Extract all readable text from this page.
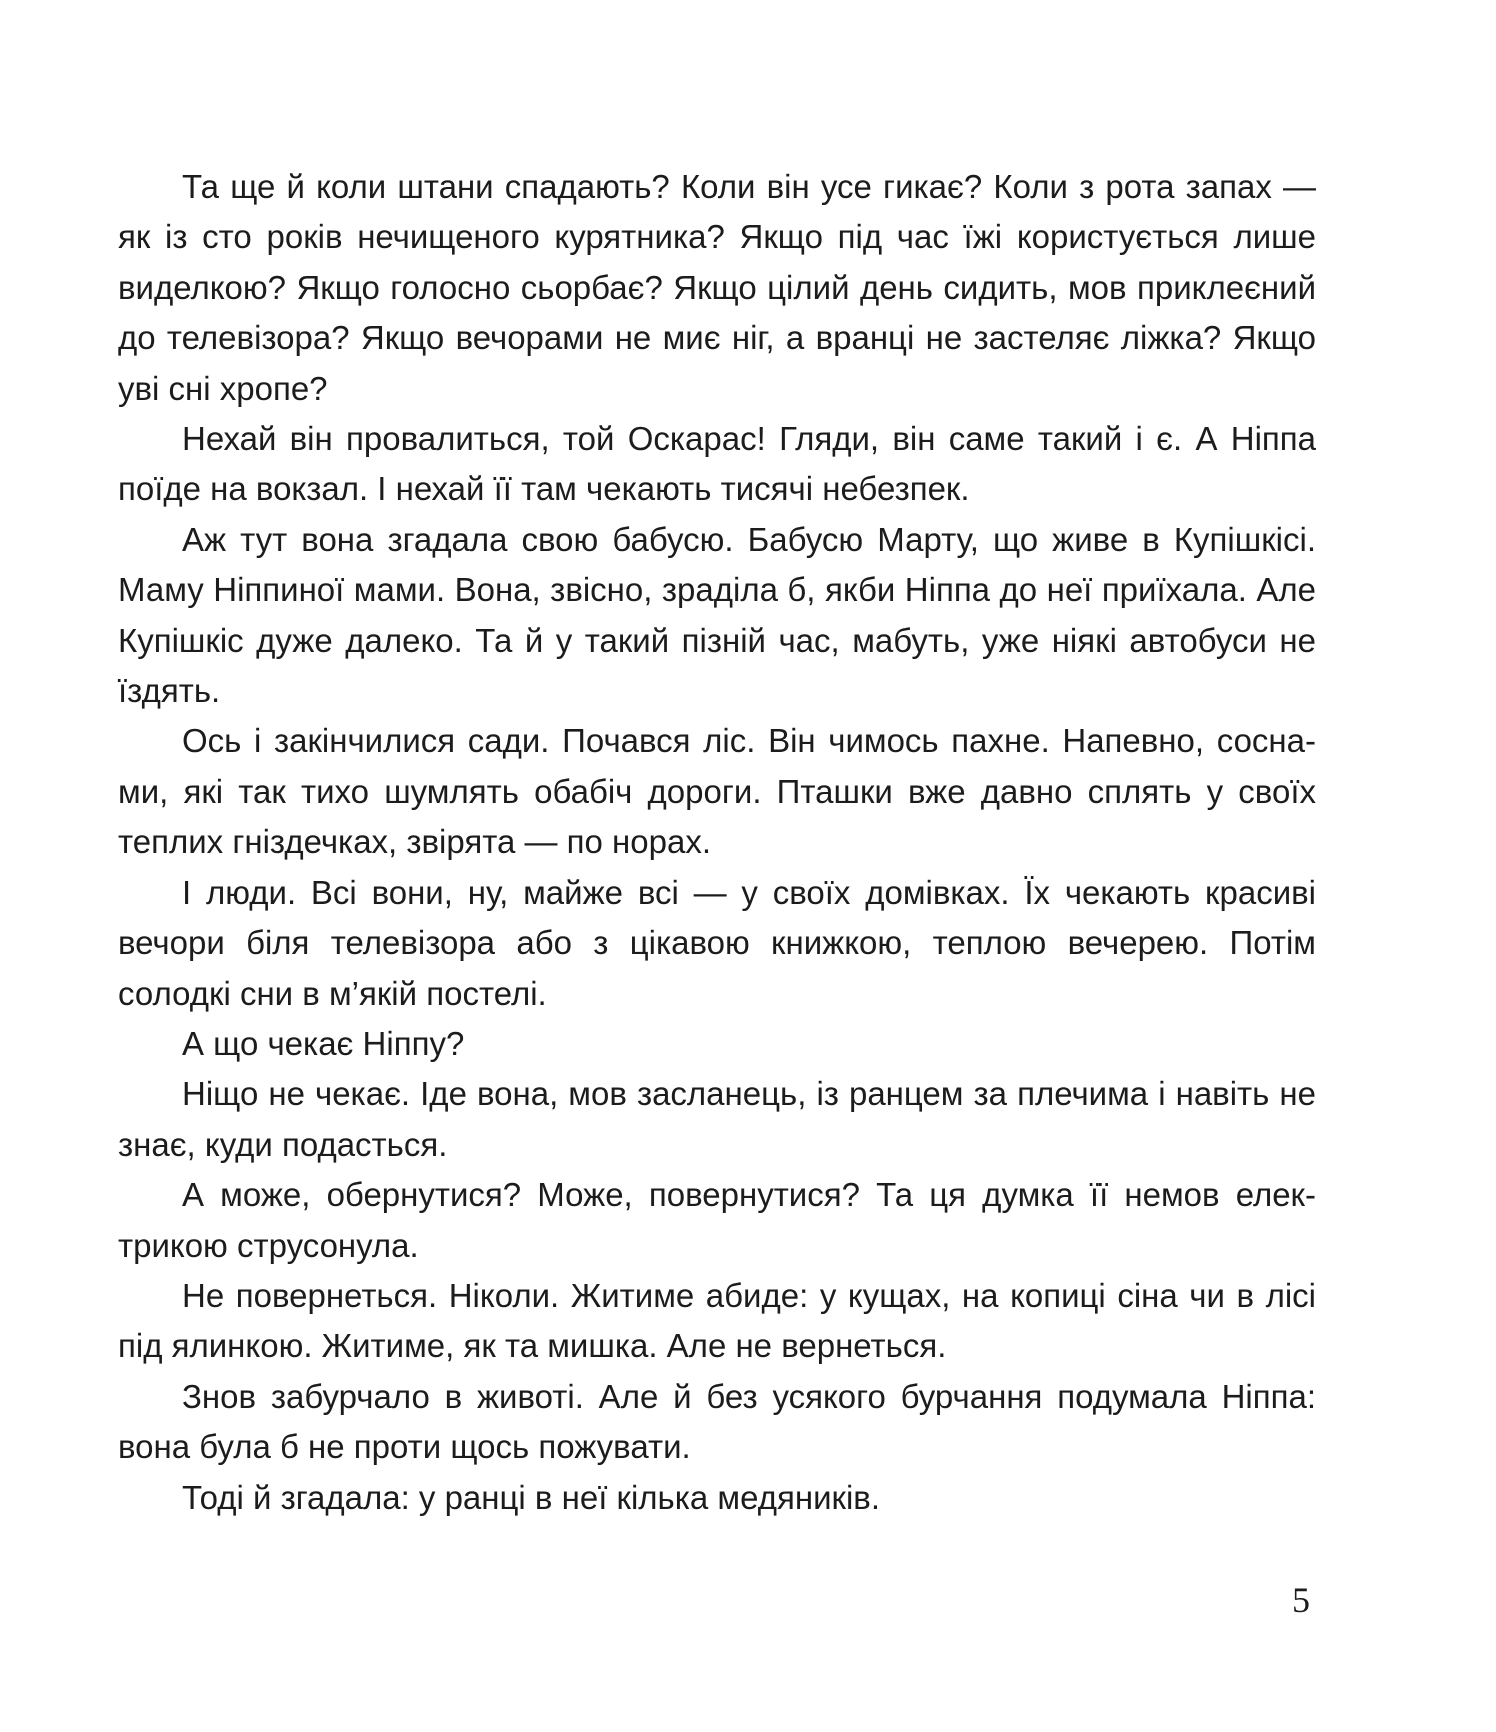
Та ще й коли штани спадають? Коли він усе гикає? Коли з рота запах — як із сто років нечищеного курятника? Якщо під час їжі користується лише виделкою? Якщо голосно сьорбає? Якщо цілий день сидить, мов приклеєний до телевізора? Якщо вечорами не миє ніг, а вранці не застеляє ліжка? Якщо уві сні хропе?

Нехай він провалиться, той Оскарас! Гляди, він саме такий і є. А Ніппа поїде на вокзал. І нехай її там чекають тисячі небезпек.

Аж тут вона згадала свою бабусю. Бабусю Марту, що живе в Купішкісі. Маму Ніппиної мами. Вона, звісно, зраділа б, якби Ніппа до неї приїхала. Але Купішкіс дуже далеко. Та й у такий пізній час, мабуть, уже ніякі автобуси не їздять.

Ось і закінчилися сади. Почався ліс. Він чимось пахне. Напевно, соснами, які так тихо шумлять обабіч дороги. Пташки вже давно сплять у своїх теплих гніздечках, звірята — по норах.

І люди. Всі вони, ну, майже всі — у своїх домівках. Їх чекають красиві вечори біля телевізора або з цікавою книжкою, теплою вечерею. Потім солодкі сни в м’якій постелі.

А що чекає Ніппу?

Ніщо не чекає. Іде вона, мов засланець, із ранцем за плечима і навіть не знає, куди подасться.

А може, обернутися? Може, повернутися? Та ця думка її немов електрикою струсонула.

Не повернеться. Ніколи. Житиме абиде: у кущах, на копиці сіна чи в лісі під ялинкою. Житиме, як та мишка. Але не вернеться.

Знов забурчало в животі. Але й без усякого бурчання подумала Ніппа: вона була б не проти щось пожувати.

Тоді й згадала: у ранці в неї кілька медяників.

5
